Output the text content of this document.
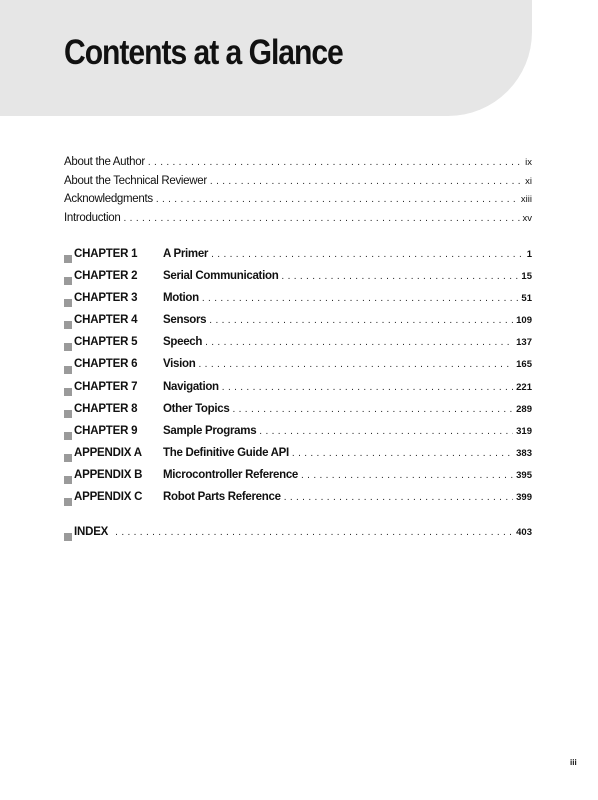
Contents at a Glance
About the Author . . .	ix
About the Technical Reviewer . . .	xi
Acknowledgments . . .	xiii
Introduction . . .	xv
CHAPTER 1	A Primer . . .	1
CHAPTER 2	Serial Communication . . .	15
CHAPTER 3	Motion . . .	51
CHAPTER 4	Sensors . . .	109
CHAPTER 5	Speech . . .	137
CHAPTER 6	Vision . . .	165
CHAPTER 7	Navigation . . .	221
CHAPTER 8	Other Topics . . .	289
CHAPTER 9	Sample Programs . . .	319
APPENDIX A	The Definitive Guide API . . .	383
APPENDIX B	Microcontroller Reference . . .	395
APPENDIX C	Robot Parts Reference . . .	399
INDEX . . .	403
iii
